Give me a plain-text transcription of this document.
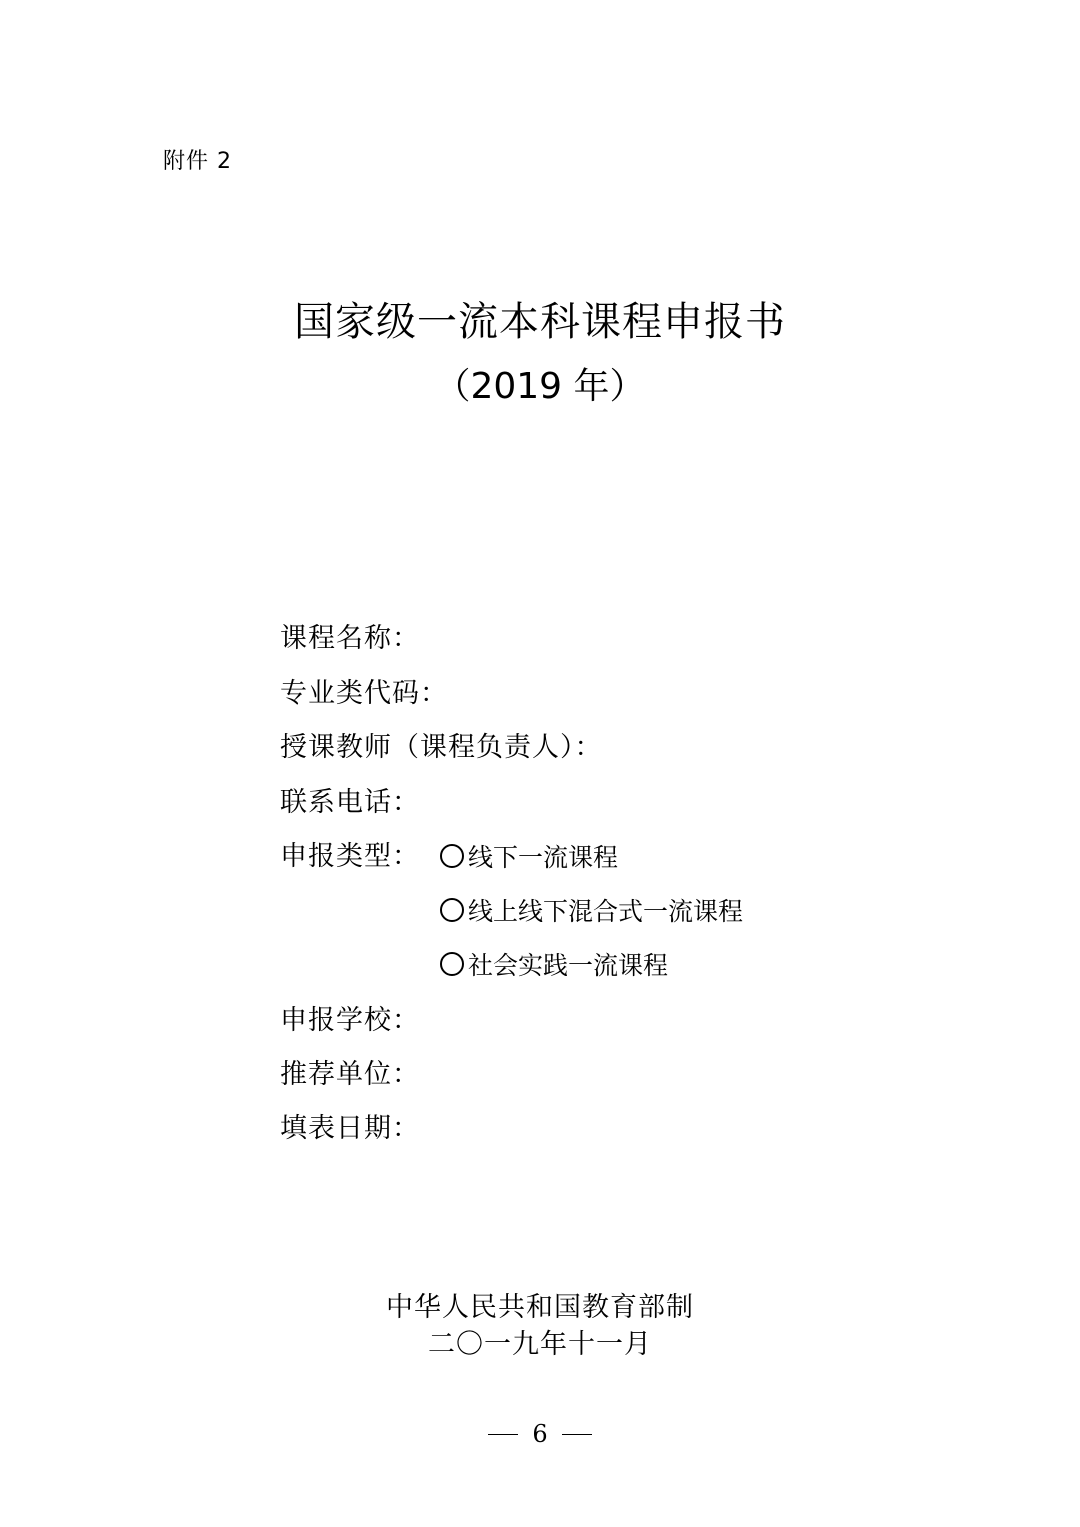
附件 2
国家级一流本科课程申报书
（2019 年）
课程名称：
专业类代码：
授课教师（课程负责人）：
联系电话：
申报类型： 线下一流课程
线上线下混合式一流课程
社会实践一流课程
申报学校：
推荐单位：
填表日期：
中华人民共和国教育部制
二〇一九年十一月
6
